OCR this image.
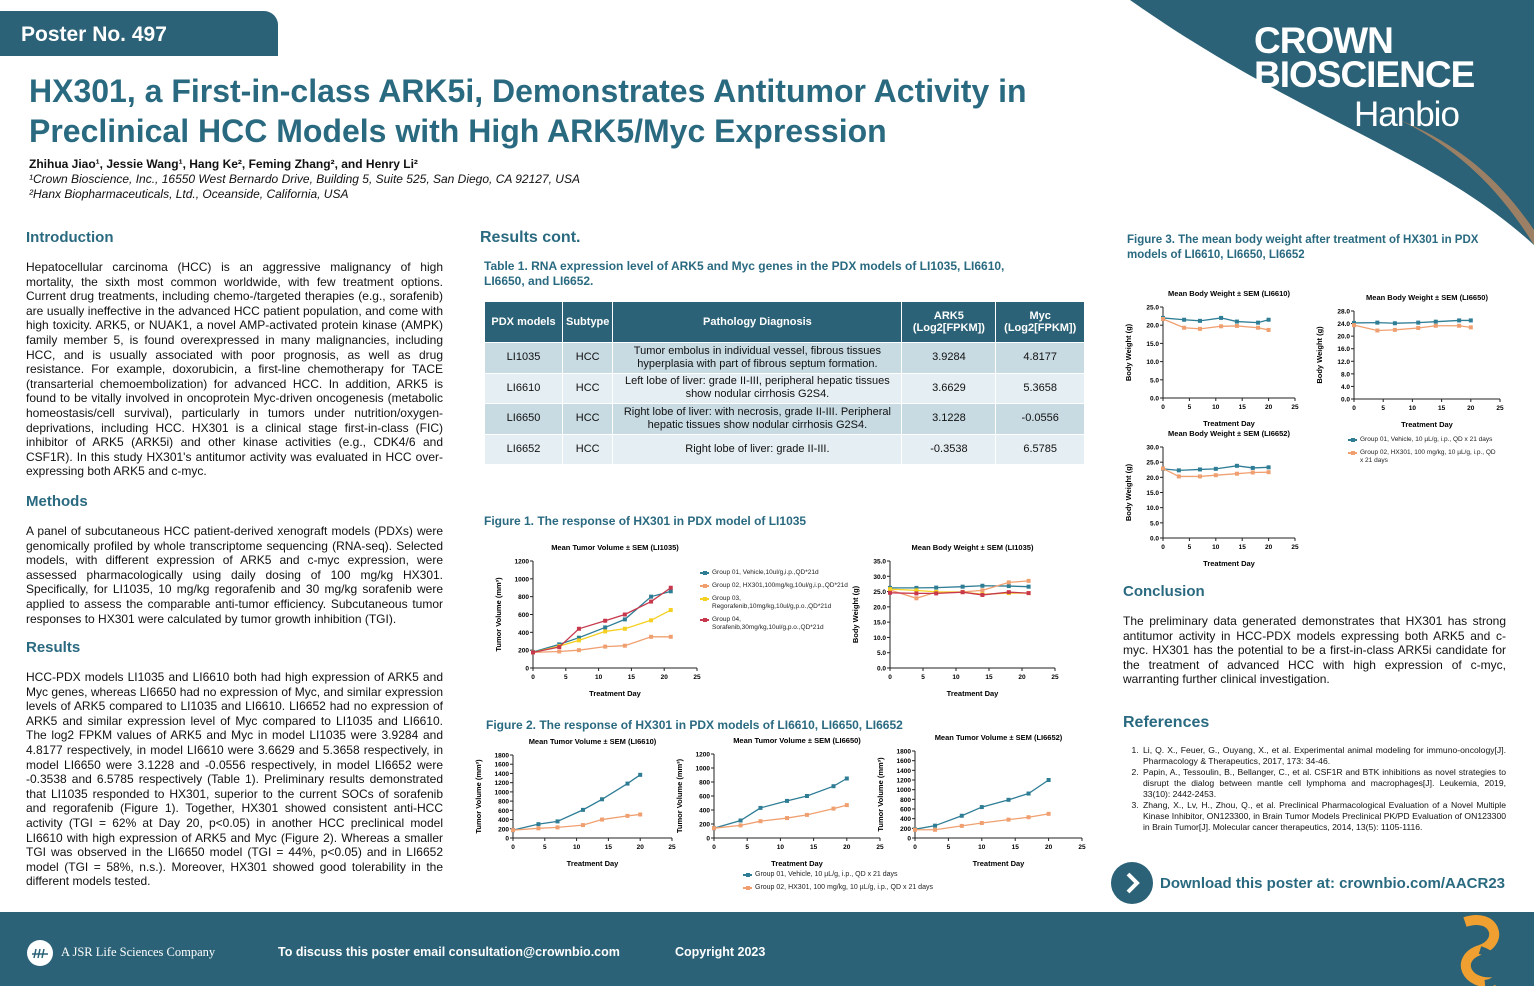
CROWN
BIOSCIENCE
Hanbio
Poster No. 497
HX301, a First-in-class ARK5i, Demonstrates Antitumor Activity in
Preclinical HCC Models with High ARK5/Myc Expression
Zhihua Jiao¹, Jessie Wang¹, Hang Ke², Feming Zhang², and Henry Li²
¹Crown Bioscience, Inc., 16550 West Bernardo Drive, Building 5, Suite 525, San Diego, CA 92127, USA
²Hanx Biopharmaceuticals, Ltd., Oceanside, California, USA
Introduction

Hepatocellular carcinoma (HCC) is an aggressive malignancy of high mortality, the sixth most common worldwide, with few treatment options. Current drug treatments, including chemo-/targeted therapies (e.g., sorafenib) are usually ineffective in the advanced HCC patient population, and come with high toxicity. ARK5, or NUAK1, a novel AMP-activated protein kinase (AMPK) family member 5, is found overexpressed in many malignancies, including HCC, and is usually associated with poor prognosis, as well as drug resistance. For example, doxorubicin, a first-line chemotherapy for TACE (transarterial chemoembolization) for advanced HCC. In addition, ARK5 is found to be vitally involved in oncoprotein Myc-driven oncogenesis (metabolic homeostasis/cell survival), particularly in tumors under nutrition/oxygen-deprivations, including HCC. HX301 is a clinical stage first-in-class (FIC) inhibitor of ARK5 (ARK5i) and other kinase activities (e.g., CDK4/6 and CSF1R). In this study HX301's antitumor activity was evaluated in HCC over-expressing both ARK5 and c-myc.

Methods

A panel of subcutaneous HCC patient-derived xenograft models (PDXs) were genomically profiled by whole transcriptome sequencing (RNA-seq). Selected models, with different expression of ARK5 and c-myc expression, were assessed pharmacologically using daily dosing of 100 mg/kg HX301. Specifically, for LI1035, 10 mg/kg regorafenib and 30 mg/kg sorafenib were applied to assess the comparable anti-tumor efficiency. Subcutaneous tumor responses to HX301 were calculated by tumor growth inhibition (TGI).

Results

HCC-PDX models LI1035 and LI6610 both had high expression of ARK5 and Myc genes, whereas LI6650 had no expression of Myc, and similar expression levels of ARK5 compared to LI1035 and LI6610. LI6652 had no expression of ARK5 and similar expression level of Myc compared to LI1035 and LI6610. The log2 FPKM values of ARK5 and Myc in model LI1035 were 3.9284 and 4.8177 respectively, in model LI6610 were 3.6629 and 5.3658 respectively, in model LI6650 were 3.1228 and -0.0556 respectively, in model LI6652 were -0.3538 and 6.5785 respectively (Table 1). Preliminary results demonstrated that LI1035 responded to HX301, superior to the current SOCs of sorafenib and regorafenib (Figure 1). Together, HX301 showed consistent anti-HCC activity (TGI = 62% at Day 20, p<0.05) in another HCC preclinical model LI6610 with high expression of ARK5 and Myc (Figure 2). Whereas a smaller TGI was observed in the LI6650 model (TGI = 44%, p<0.05) and in LI6652 model (TGI = 58%, n.s.). Moreover, HX301 showed good tolerability in the different models tested.

Results cont.
Table 1. RNA expression level of ARK5 and Myc genes in the PDX models of LI1035, LI6610, LI6650, and LI6652.
PDX models	Subtype	Pathology Diagnosis	ARK5 (Log2[FPKM])	Myc (Log2[FPKM])
LI1035	HCC	Tumor embolus in individual vessel, fibrous tissues hyperplasia with part of fibrous septum formation.	3.9284	4.8177
LI6610	HCC	Left lobe of liver: grade II-III, peripheral hepatic tissues show nodular cirrhosis G2S4.	3.6629	5.3658
LI6650	HCC	Right lobe of liver: with necrosis, grade II-III. Peripheral hepatic tissues show nodular cirrhosis G2S4.	3.1228	-0.0556
LI6652	HCC	Right lobe of liver: grade II-III.	-0.3538	6.5785
Figure 1. The response of HX301 in PDX model of LI1035
Group 01, Vehicle,10ul/g,i.p.,QD*21d
Group 02, HX301,100mg/kg,10ul/g,i.p.,QD*21d
Group 03, Regorafenib,10mg/kg,10ul/g,p.o.,QD*21d
Group 04, Sorafenib,30mg/kg,10ul/g,p.o.,QD*21d
Figure 2. The response of HX301 in PDX models of LI6610, LI6650, LI6652
Group 01, Vehicle, 10 µL/g, i.p., QD x 21 days
Group 02, HX301, 100 mg/kg, 10 µL/g, i.p., QD x 21 days
Figure 3. The mean body weight after treatment of HX301 in PDX models of LI6610, LI6650, LI6652
Group 01, Vehicle, 10 µL/g, i.p., QD x 21 days
Group 02, HX301, 100 mg/kg, 10 µL/g, i.p., QD x 21 days
Conclusion

The preliminary data generated demonstrates that HX301 has strong antitumor activity in HCC-PDX models expressing both ARK5 and c-myc. HX301 has the potential to be a first-in-class ARK5i candidate for the treatment of advanced HCC with high expression of c-myc, warranting further clinical investigation.

References
1. Li, Q. X., Feuer, G., Ouyang, X., et al. Experimental animal modeling for immuno-oncology[J]. Pharmacology & Therapeutics, 2017, 173: 34-46.
2. Papin, A., Tessoulin, B., Bellanger, C., et al. CSF1R and BTK inhibitions as novel strategies to disrupt the dialog between mantle cell lymphoma and macrophages[J]. Leukemia, 2019, 33(10): 2442-2453.
3. Zhang, X., Lv, H., Zhou, Q., et al. Preclinical Pharmacological Evaluation of a Novel Multiple Kinase Inhibitor, ON123300, in Brain Tumor Models Preclinical PK/PD Evaluation of ON123300 in Brain Tumor[J]. Molecular cancer therapeutics, 2014, 13(5): 1105-1116.
Download this poster at: crownbio.com/AACR23
A JSR Life Sciences Company	To discuss this poster email consultation@crownbio.com	Copyright 2023
Mean Tumor Volume ± SEM (LI1035)
0
200
400
600
800
1000
1200
0	5	10	15	20	25
Treatment Day
Tumor Volume (mm³)
Mean Body Weight ± SEM (LI1035)
0.0
5.0
10.0
15.0
20.0
25.0
30.0
35.0
0	5	10	15	20	25
Treatment Day
Body Weight (g)
Mean Tumor Volume ± SEM (LI6610)
0
200
400
600
800
1000
1200
1400
1600
1800
0	5	10	15	20	25
Treatment Day
Tumor Volume (mm³)
Mean Tumor Volume ± SEM (LI6650)
0
200
400
600
800
1000
1200
0	5	10	15	20	25
Treatment Day
Tumor Volume (mm³)
Mean Tumor Volume ± SEM (LI6652)
0
200
400
600
800
1000
1200
1400
1600
1800
0	5	10	15	20	25
Treatment Day
Tumor Volume (mm³)
Mean Body Weight ± SEM (LI6610)
0.0
5.0
10.0
15.0
20.0
25.0
0	5	10	15	20	25
Treatment Day
Body Weight (g)
Mean Body Weight ± SEM (LI6650)
0.0
4.0
8.0
12.0
16.0
20.0
24.0
28.0
0	5	10	15	20	25
Treatment Day
Body Weight (g)
Mean Body Weight ± SEM (LI6652)
0.0
5.0
10.0
15.0
20.0
25.0
30.0
0	5	10	15	20	25
Treatment Day
Body Weight (g)
